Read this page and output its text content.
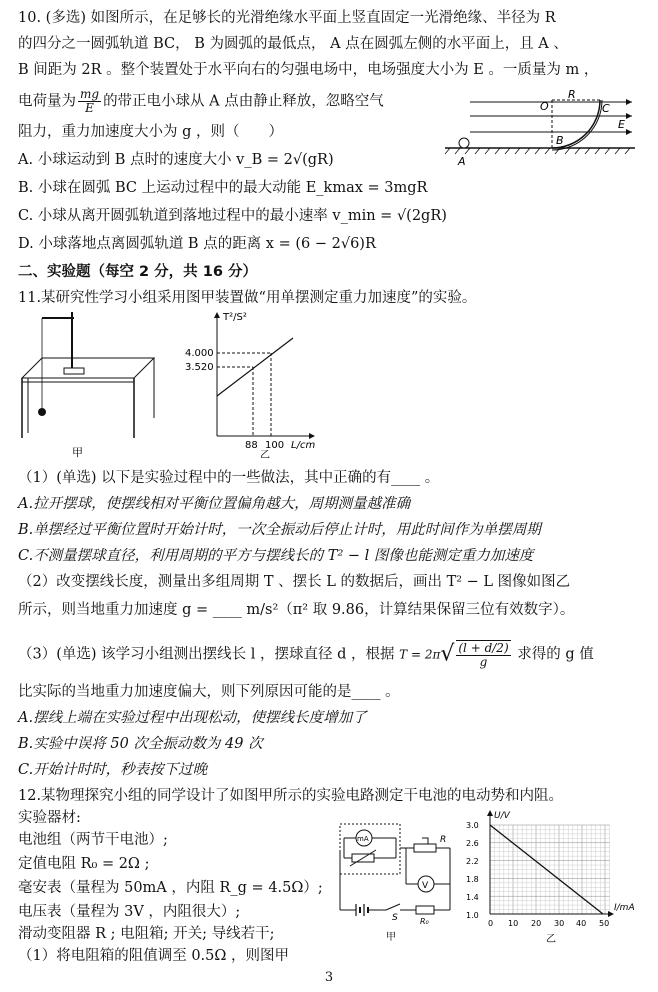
10. (多选) 如图所示，在足够长的光滑绝缘水平面上竖直固定一光滑绝缘、半径为 R
的四分之一圆弧轨道 BC， B 为圆弧的最低点， A 点在圆弧左侧的水平面上，且 A 、
B 间距为 2R 。整个装置处于水平向右的匀强电场中，电场强度大小为 E 。一质量为 m ，
电荷量为 $\frac{mg}{E}$ 的带正电小球从 A 点由静止释放，忽略空气
阻力，重力加速度大小为 g ，则（　　）
A. 小球运动到 B 点时的速度大小 v_B = 2√(gR)
B. 小球在圆弧 BC 上运动过程中的最大动能 E_kmax = 3mgR
C. 小球从离开圆弧轨道到落地过程中的最小速率 v_min = √(2gR)
D. 小球落地点离圆弧轨道 B 点的距离 x = (6 − 2√6)R
O
R
C
E
B
A
二、实验题（每空 2 分，共 16 分）
11.某研究性学习小组采用图甲装置做“用单摆测定重力加速度”的实验。
甲
T²/S²
4.000
3.520
88 100 L/cm
乙
（1）(单选) 以下是实验过程中的一些做法，其中正确的有____ 。
A.拉开摆球，使摆线相对平衡位置偏角越大，周期测量越准确
B.单摆经过平衡位置时开始计时，一次全振动后停止计时，用此时间作为单摆周期
C.不测量摆球直径，利用周期的平方与摆线长的 T² − l 图像也能测定重力加速度
（2）改变摆线长度，测量出多组周期 T 、摆长 L 的数据后，画出 T² − L 图像如图乙
所示，则当地重力加速度 g = ____ m/s²（π² 取 9.86，计算结果保留三位有效数字）。
（3）(单选) 该学习小组测出摆线长 l ，摆球直径 d ，根据 $T = 2\pi√ \frac{(l + d/2)}{g}$ 求得的 g 值
比实际的当地重力加速度偏大，则下列原因可能的是____ 。
A.摆线上端在实验过程中出现松动，使摆线长度增加了
B.实验中误将 50 次全振动数为 49 次
C.开始计时时，秒表按下过晚
12.某物理探究小组的同学设计了如图甲所示的实验电路测定干电池的电动势和内阻。
实验器材:
电池组（两节干电池）;
定值电阻 R₀ = 2Ω ;
毫安表（量程为 50mA ，内阻 R_g = 4.5Ω）;
电压表（量程为 3V ，内阻很大）;
滑动变阻器 R ; 电阻箱; 开关; 导线若干;
（1）将电阻箱的阻值调至 0.5Ω ，则图甲
mA	R
V
S	R₀
甲
U/V
I/mA
3.0
2.6
2.2
1.8
1.4
1.0
0 10 20 30 40 50
乙
3
